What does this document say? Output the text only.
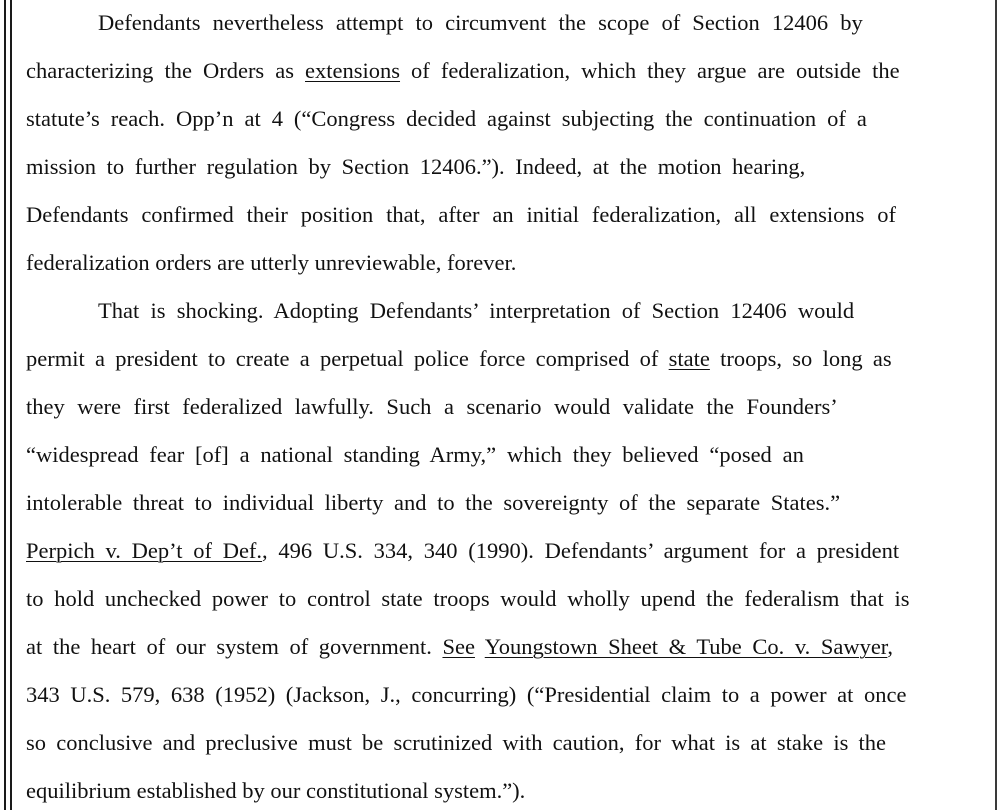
Defendants nevertheless attempt to circumvent the scope of Section 12406 by
characterizing the Orders as extensions of federalization, which they argue are outside the
statute’s reach. Opp’n at 4 (“Congress decided against subjecting the continuation of a
mission to further regulation by Section 12406.”). Indeed, at the motion hearing,
Defendants confirmed their position that, after an initial federalization, all extensions of
federalization orders are utterly unreviewable, forever.
That is shocking. Adopting Defendants’ interpretation of Section 12406 would
permit a president to create a perpetual police force comprised of state troops, so long as
they were first federalized lawfully. Such a scenario would validate the Founders’
“widespread fear [of] a national standing Army,” which they believed “posed an
intolerable threat to individual liberty and to the sovereignty of the separate States.”
Perpich v. Dep’t of Def., 496 U.S. 334, 340 (1990). Defendants’ argument for a president
to hold unchecked power to control state troops would wholly upend the federalism that is
at the heart of our system of government. See Youngstown Sheet & Tube Co. v. Sawyer,
343 U.S. 579, 638 (1952) (Jackson, J., concurring) (“Presidential claim to a power at once
so conclusive and preclusive must be scrutinized with caution, for what is at stake is the
equilibrium established by our constitutional system.”).
